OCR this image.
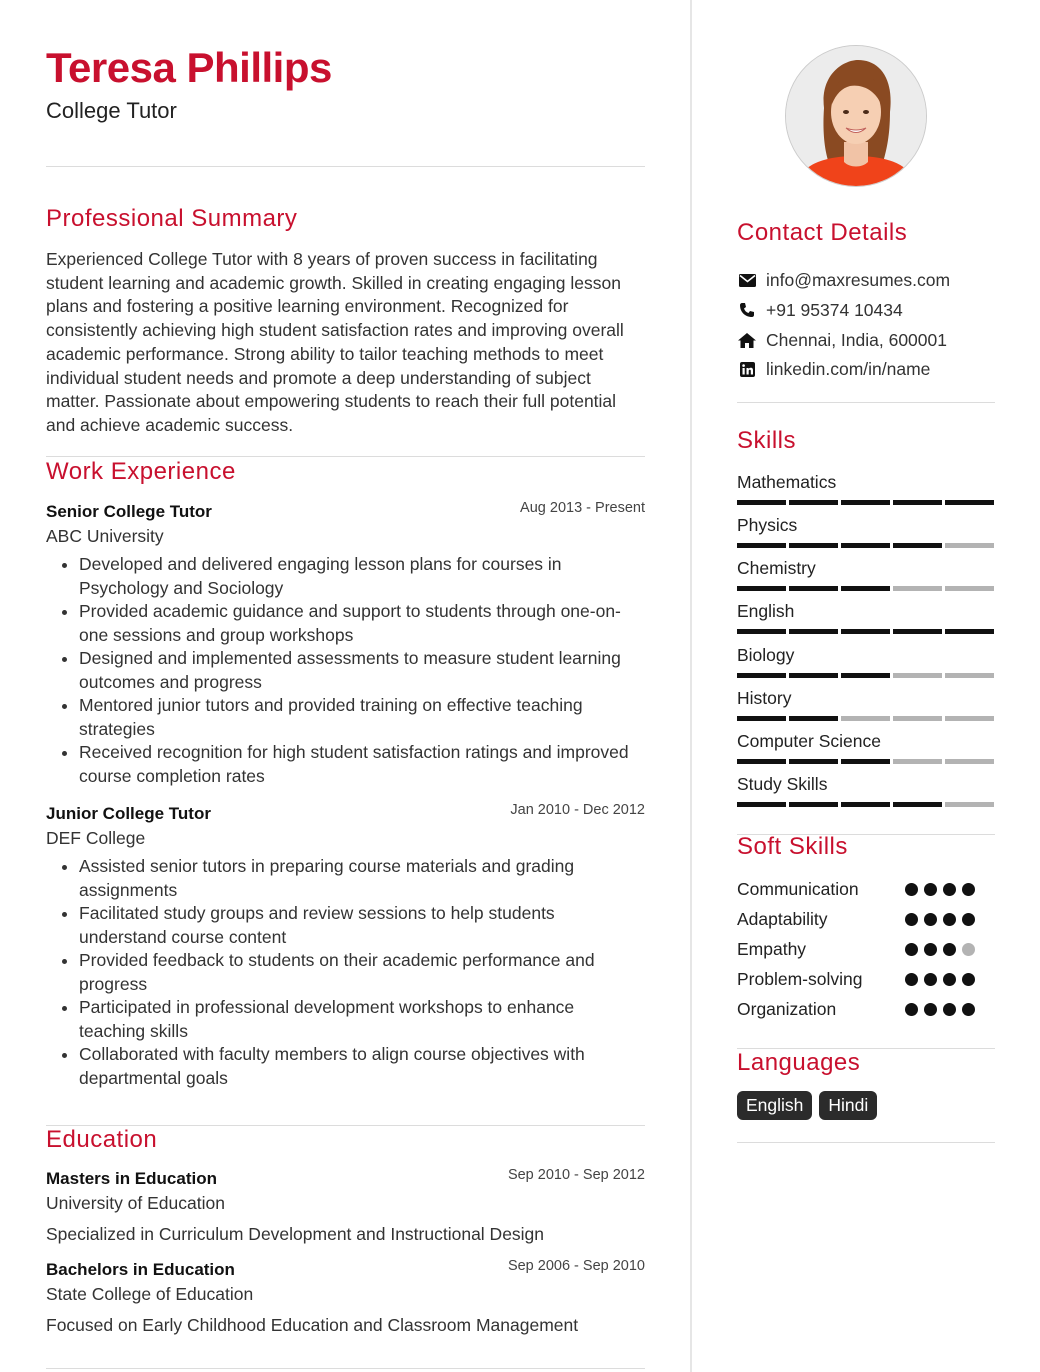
Teresa Phillips
College Tutor
Professional Summary
Experienced College Tutor with 8 years of proven success in facilitating student learning and academic growth. Skilled in creating engaging lesson plans and fostering a positive learning environment. Recognized for consistently achieving high student satisfaction rates and improving overall academic performance. Strong ability to tailor teaching methods to meet individual student needs and promote a deep understanding of subject matter. Passionate about empowering students to reach their full potential and achieve academic success.
Work Experience
Senior College Tutor	Aug 2013 - Present
ABC University
• Developed and delivered engaging lesson plans for courses in Psychology and Sociology
• Provided academic guidance and support to students through one-on-one sessions and group workshops
• Designed and implemented assessments to measure student learning outcomes and progress
• Mentored junior tutors and provided training on effective teaching strategies
• Received recognition for high student satisfaction ratings and improved course completion rates
Junior College Tutor	Jan 2010 - Dec 2012
DEF College
• Assisted senior tutors in preparing course materials and grading assignments
• Facilitated study groups and review sessions to help students understand course content
• Provided feedback to students on their academic performance and progress
• Participated in professional development workshops to enhance teaching skills
• Collaborated with faculty members to align course objectives with departmental goals
Education
Masters in Education	Sep 2010 - Sep 2012
University of Education
Specialized in Curriculum Development and Instructional Design
Bachelors in Education	Sep 2006 - Sep 2010
State College of Education
Focused on Early Childhood Education and Classroom Management
Contact Details
info@maxresumes.com
+91 95374 10434
Chennai, India, 600001
linkedin.com/in/name
Skills
Mathematics
Physics
Chemistry
English
Biology
History
Computer Science
Study Skills
Soft Skills
Communication
Adaptability
Empathy
Problem-solving
Organization
Languages
English	Hindi
